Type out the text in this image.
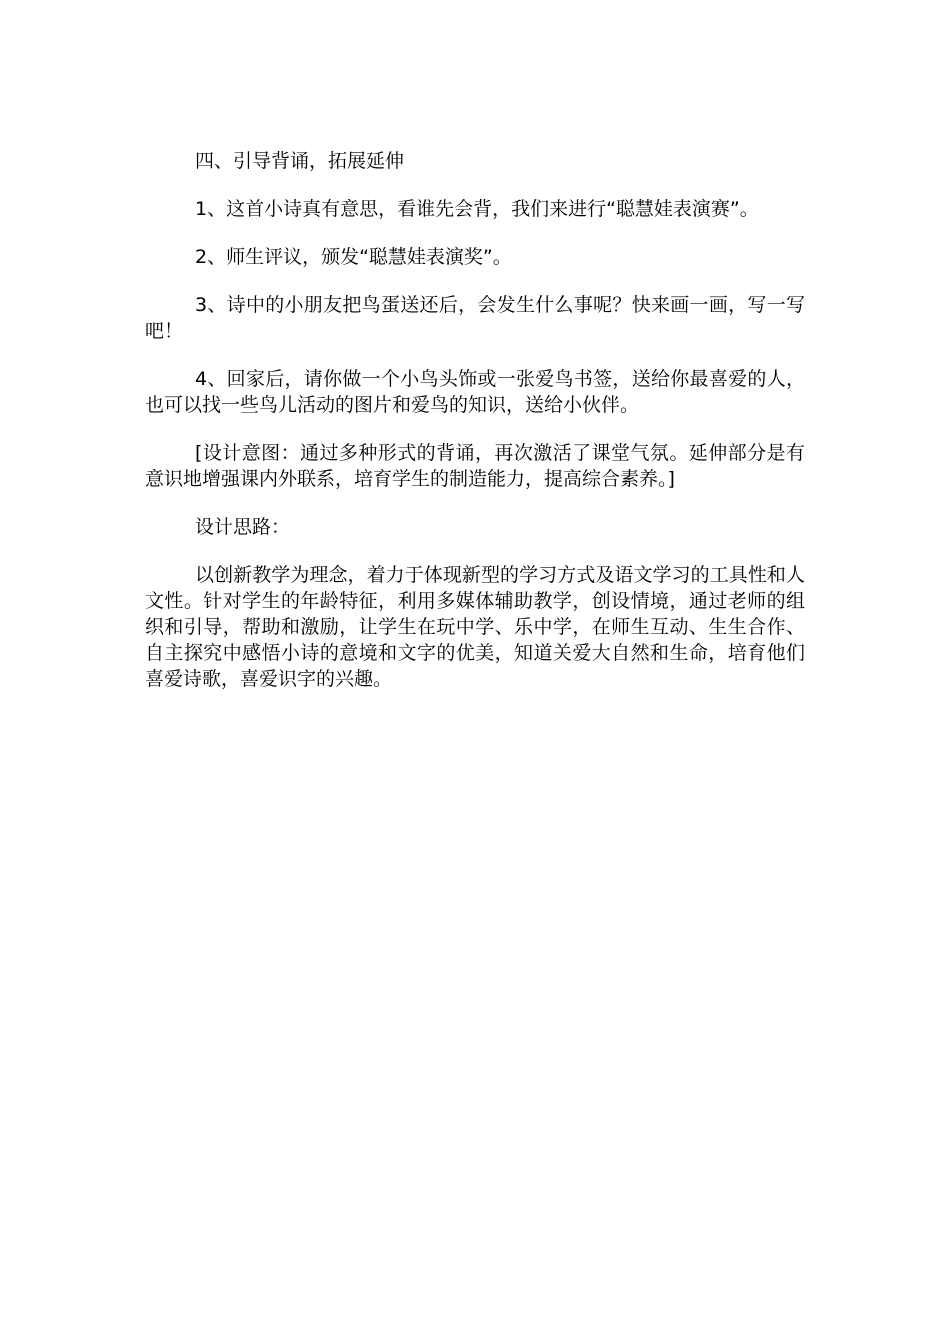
四、引导背诵，拓展延伸

1、这首小诗真有意思，看谁先会背，我们来进行“聪慧娃表演赛”。

2、师生评议，颁发“聪慧娃表演奖”。

3、诗中的小朋友把鸟蛋送还后，会发生什么事呢？快来画一画，写一写吧！

4、回家后，请你做一个小鸟头饰或一张爱鸟书签，送给你最喜爱的人，也可以找一些鸟儿活动的图片和爱鸟的知识，送给小伙伴。

[设计意图：通过多种形式的背诵，再次激活了课堂气氛。延伸部分是有意识地增强课内外联系，培育学生的制造能力，提高综合素养。]

设计思路：

以创新教学为理念，着力于体现新型的学习方式及语文学习的工具性和人文性。针对学生的年龄特征，利用多媒体辅助教学，创设情境，通过老师的组织和引导，帮助和激励，让学生在玩中学、乐中学，在师生互动、生生合作、自主探究中感悟小诗的意境和文字的优美，知道关爱大自然和生命，培育他们喜爱诗歌，喜爱识字的兴趣。
